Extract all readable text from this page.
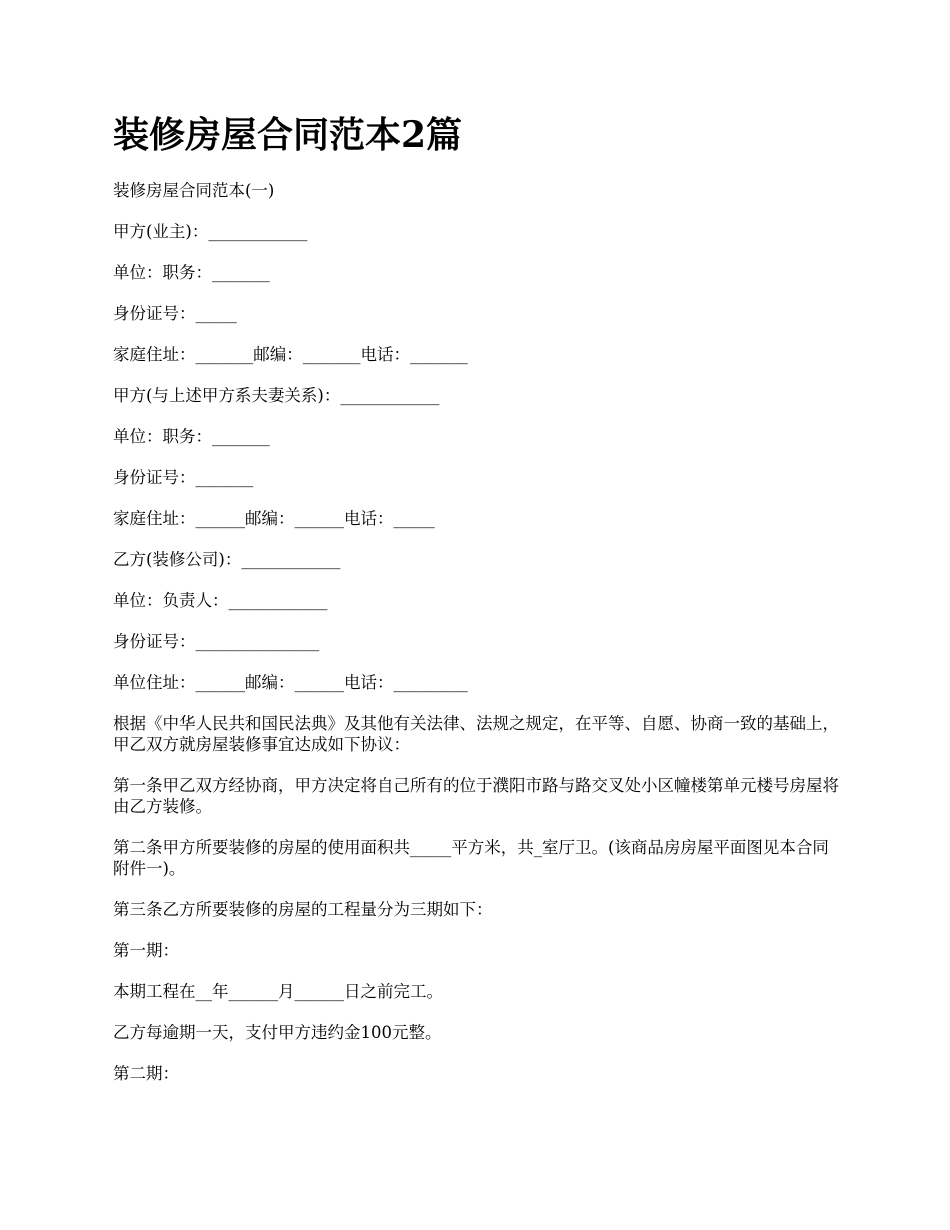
装修房屋合同范本2篇
装修房屋合同范本(一)
甲方(业主)：____________
单位：职务：_______
身份证号：_____
家庭住址：_______邮编：_______电话：_______
甲方(与上述甲方系夫妻关系)：____________
单位：职务：_______
身份证号：_______
家庭住址：______邮编：______电话：_____
乙方(装修公司)：____________
单位：负责人：____________
身份证号：_______________
单位住址：______邮编：______电话：_________
根据《中华人民共和国民法典》及其他有关法律、法规之规定，在平等、自愿、协商一致的基础上，甲乙双方就房屋装修事宜达成如下协议：
第一条甲乙双方经协商，甲方决定将自己所有的位于濮阳市路与路交叉处小区幢楼第单元楼号房屋将由乙方装修。
第二条甲方所要装修的房屋的使用面积共_____平方米，共_室厅卫。(该商品房房屋平面图见本合同附件一)。
第三条乙方所要装修的房屋的工程量分为三期如下：
第一期：
本期工程在__年______月______日之前完工。
乙方每逾期一天，支付甲方违约金100元整。
第二期：
